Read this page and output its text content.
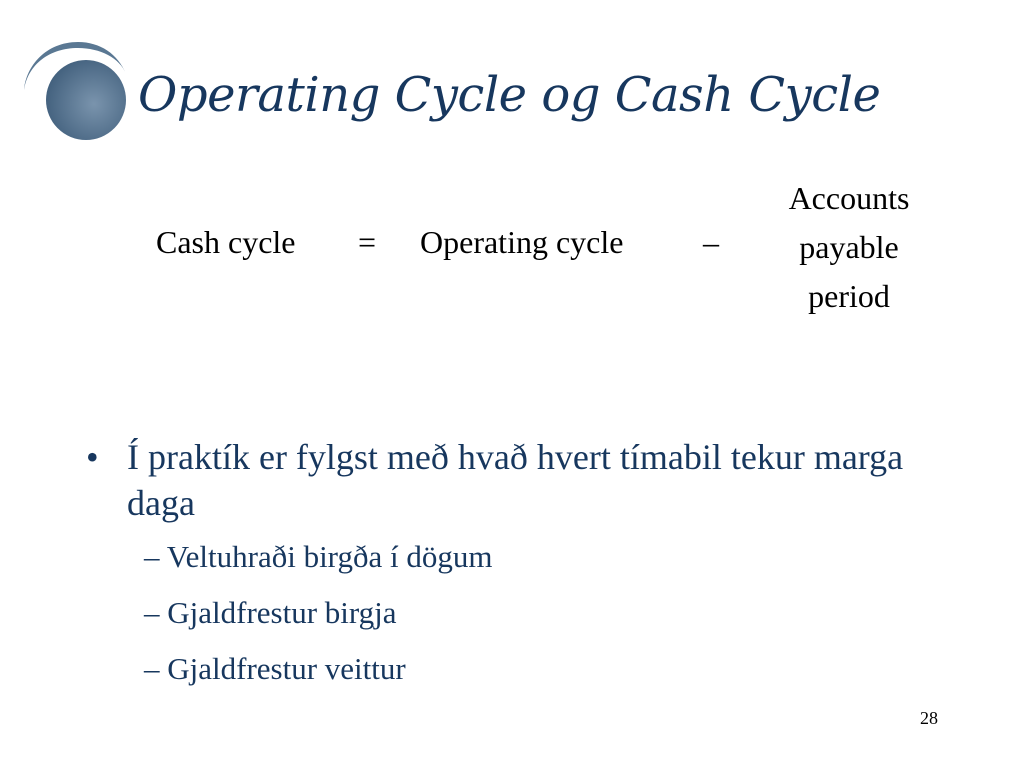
Operating Cycle og Cash Cycle
Cash cycle = Operating cycle –
Accounts
payable
period
• Í praktík er fylgst með hvað hvert tímabil tekur marga daga
– Veltuhraði birgða í dögum
– Gjaldfrestur birgja
– Gjaldfrestur veittur
28
